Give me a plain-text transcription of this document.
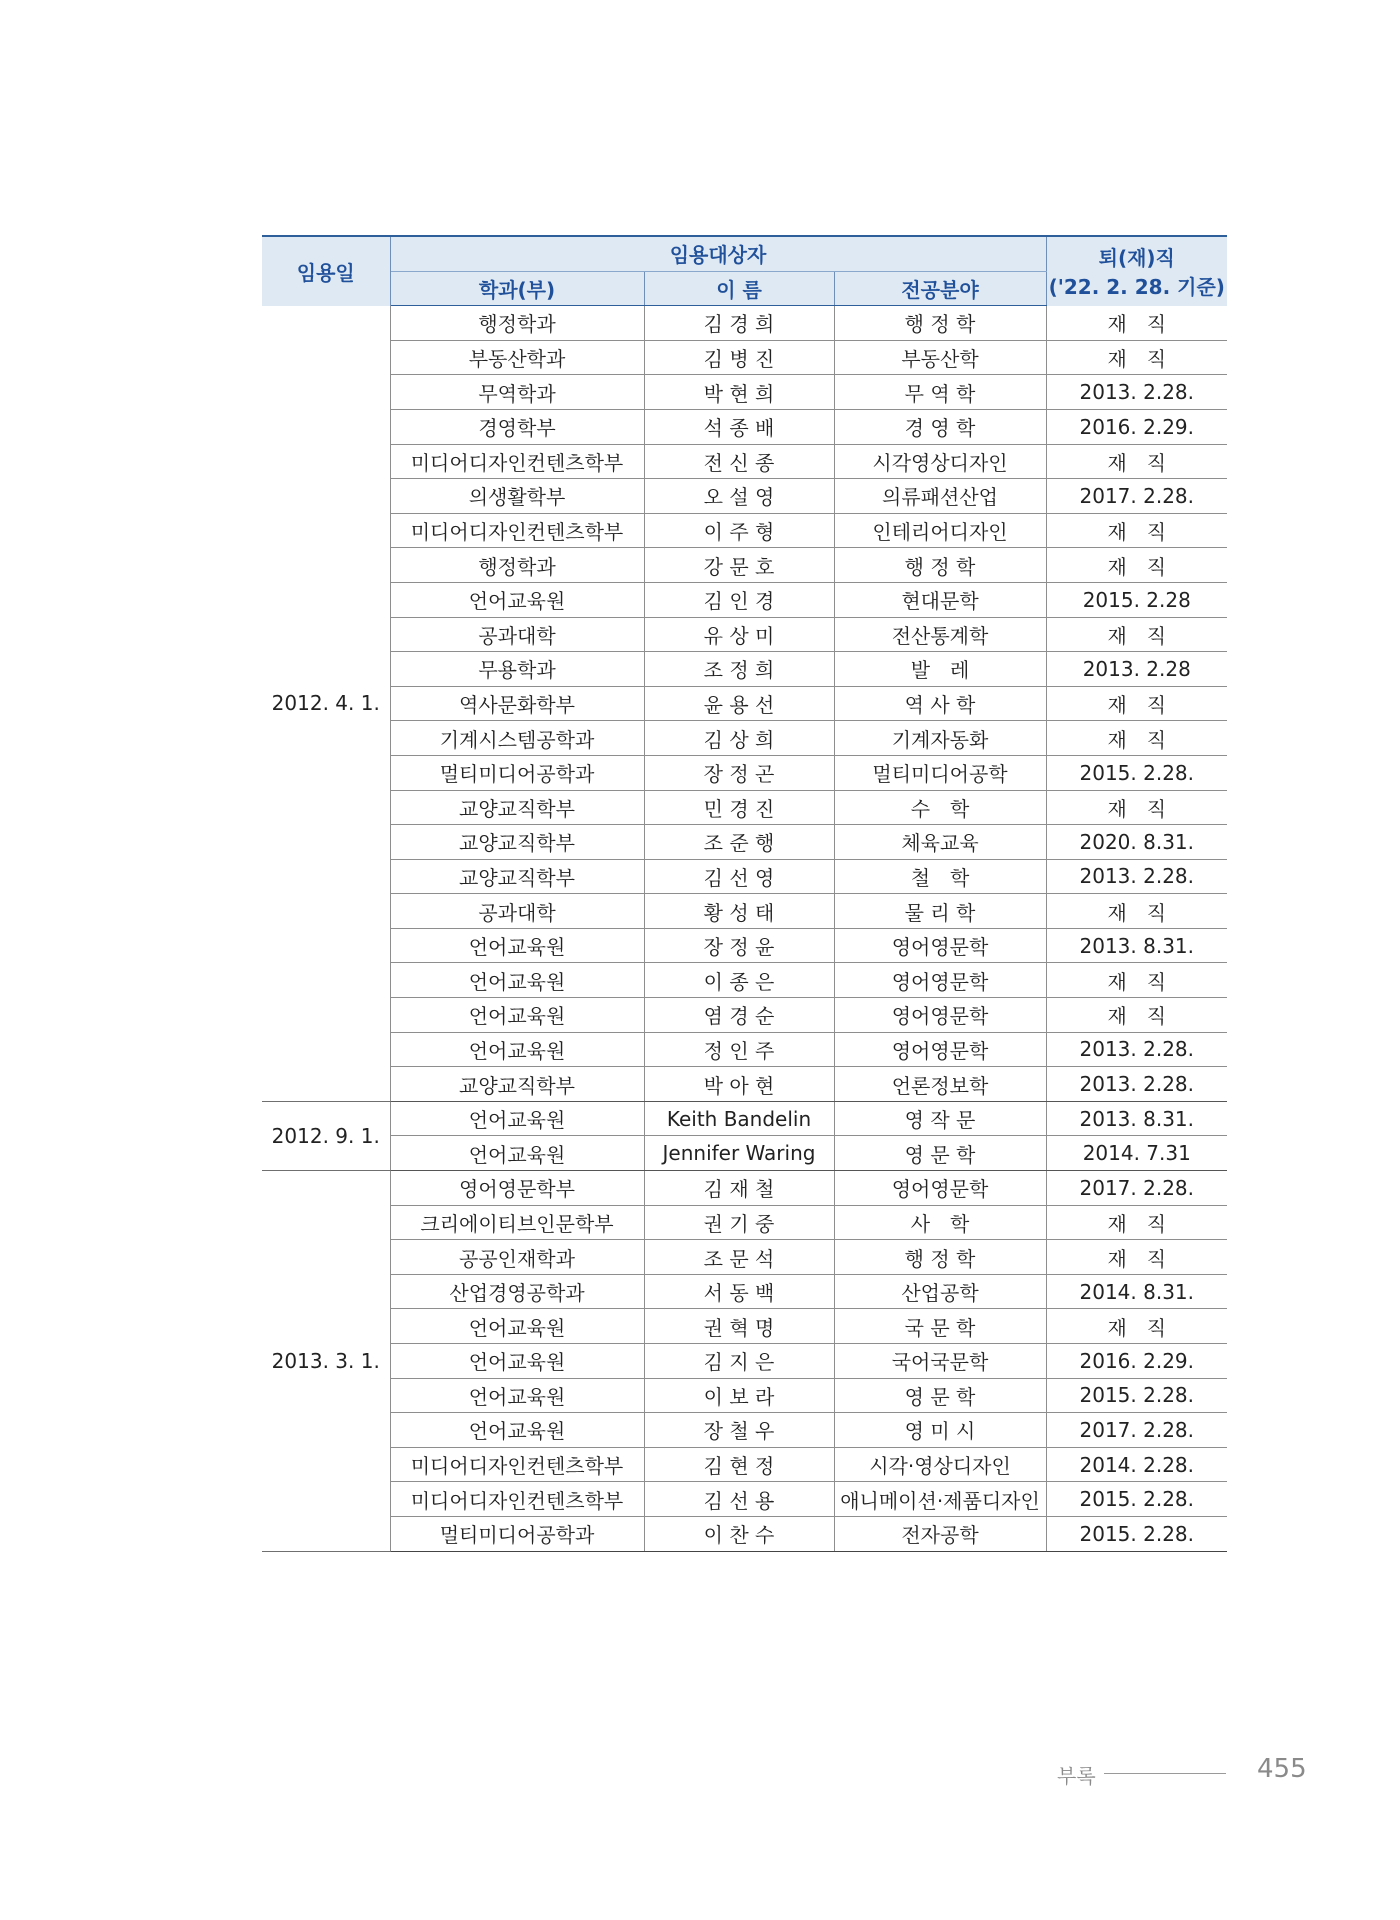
임용일	임용대상자			퇴(재)직
('22. 2. 28. 기준)

	학과(부)	이 름	전공분야	
2012. 4. 1.	행정학과	김 경 희	행 정 학	재　직
	부동산학과	김 병 진	부동산학	재　직
	무역학과	박 현 희	무 역 학	2013. 2.28.
	경영학부	석 종 배	경 영 학	2016. 2.29.
	미디어디자인컨텐츠학부	전 신 종	시각영상디자인	재　직
	의생활학부	오 설 영	의류패션산업	2017. 2.28.
	미디어디자인컨텐츠학부	이 주 형	인테리어디자인	재　직
	행정학과	강 문 호	행 정 학	재　직
	언어교육원	김 인 경	현대문학	2015. 2.28
	공과대학	유 상 미	전산통계학	재　직
	무용학과	조 정 희	발　레	2013. 2.28
	역사문화학부	윤 용 선	역 사 학	재　직
	기계시스템공학과	김 상 희	기계자동화	재　직
	멀티미디어공학과	장 정 곤	멀티미디어공학	2015. 2.28.
	교양교직학부	민 경 진	수　학	재　직
	교양교직학부	조 준 행	체육교육	2020. 8.31.
	교양교직학부	김 선 영	철　학	2013. 2.28.
	공과대학	황 성 태	물 리 학	재　직
	언어교육원	장 정 윤	영어영문학	2013. 8.31.
	언어교육원	이 종 은	영어영문학	재　직
	언어교육원	염 경 순	영어영문학	재　직
	언어교육원	정 인 주	영어영문학	2013. 2.28.
	교양교직학부	박 아 현	언론정보학	2013. 2.28.
2012. 9. 1.	언어교육원	Keith Bandelin	영 작 문	2013. 8.31.
	언어교육원	Jennifer Waring	영 문 학	2014. 7.31
2013. 3. 1.	영어영문학부	김 재 철	영어영문학	2017. 2.28.
	크리에이티브인문학부	권 기 중	사　학	재　직
	공공인재학과	조 문 석	행 정 학	재　직
	산업경영공학과	서 동 백	산업공학	2014. 8.31.
	언어교육원	권 혁 명	국 문 학	재　직
	언어교육원	김 지 은	국어국문학	2016. 2.29.
	언어교육원	이 보 라	영 문 학	2015. 2.28.
	언어교육원	장 철 우	영 미 시	2017. 2.28.
	미디어디자인컨텐츠학부	김 현 정	시각·영상디자인	2014. 2.28.
	미디어디자인컨텐츠학부	김 선 용	애니메이션·제품디자인	2015. 2.28.
	멀티미디어공학과	이 찬 수	전자공학	2015. 2.28.
부록	455
